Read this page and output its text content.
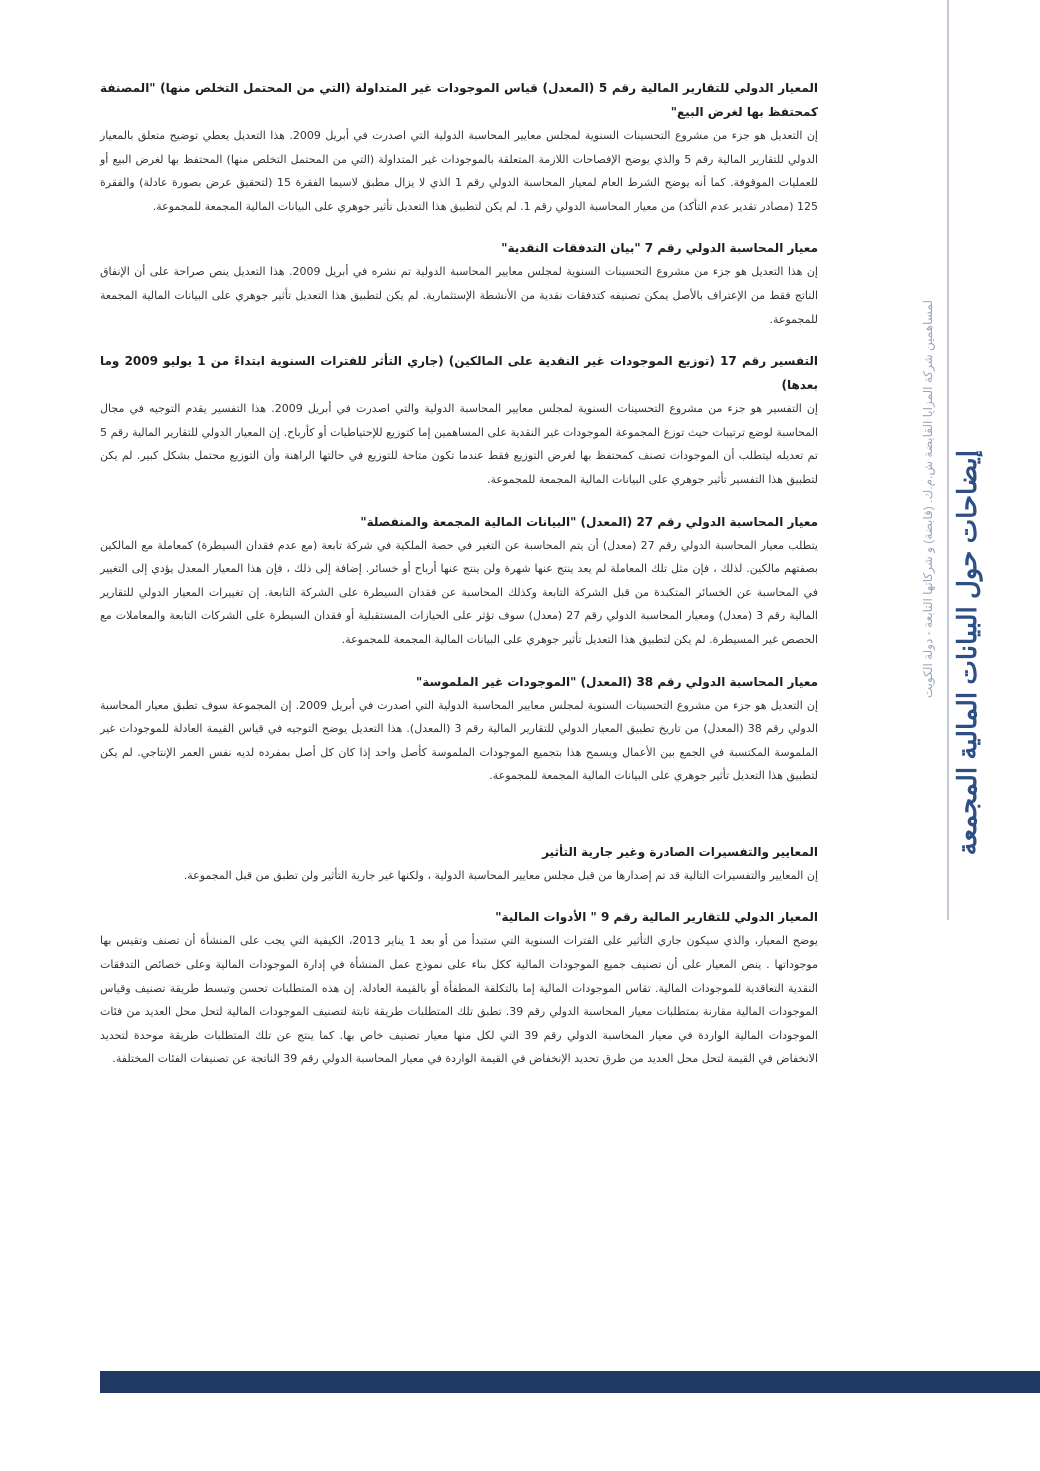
المعيار الدولي للتقارير المالية رقم 5 (المعدل) قياس الموجودات غير المتداولة (التي من المحتمل التخلص منها) "المصنفة كمحتفظ بها لغرض البيع"

إن التعديل هو جزء من مشروع التحسينات السنوية لمجلس معايير المحاسبة الدولية التي اصدرت في أبريل 2009. هذا التعديل يعطي توضيح متعلق بالمعيار الدولي للتقارير المالية رقم 5 والذي يوضح الإفصاحات اللازمة المتعلقة بالموجودات غير المتداولة (التي من المحتمل التخلص منها) المحتفظ بها لغرض البيع أو للعمليات الموقوفة. كما أنه يوضح الشرط العام لمعيار المحاسبة الدولي رقم 1 الذي لا يزال مطبق لاسيما الفقرة 15 (لتحقيق عرض بصورة عادلة) والفقرة 125 (مصادر تقدير عدم التأكد) من معيار المحاسبة الدولي رقم 1. لم يكن لتطبيق هذا التعديل تأثير جوهري على البيانات المالية المجمعة للمجموعة.

معيار المحاسبة الدولي رقم 7 "بيان التدفقات النقدية"

إن هذا التعديل هو جزء من مشروع التحسينات السنوية لمجلس معايير المحاسبة الدولية تم نشره في أبريل 2009. هذا التعديل ينص صراحة على أن الإنفاق الناتج فقط من الإعتراف بالأصل يمكن تصنيفه كتدفقات نقدية من الأنشطة الإستثمارية. لم يكن لتطبيق هذا التعديل تأثير جوهري على البيانات المالية المجمعة للمجموعة.

التفسير رقم 17 (توزيع الموجودات غير النقدية على المالكين) (جاري التأثر للفترات السنوية ابتداءً من 1 يوليو 2009 وما بعدها)

إن التفسير هو جزء من مشروع التحسينات السنوية لمجلس معايير المحاسبة الدولية والتي اصدرت في أبريل 2009. هذا التفسير يقدم التوجيه في مجال المحاسبة لوضع ترتيبات حيث توزع المجموعة الموجودات غير النقدية على المساهمين إما كتوزيع للإحتياطيات أو كأرباح. إن المعيار الدولي للتقارير المالية رقم 5 تم تعديله ليتطلب أن الموجودات تصنف كمحتفظ بها لغرض التوزيع فقط عندما تكون متاحة للتوزيع في حالتها الراهنة وأن التوزيع محتمل بشكل كبير. لم يكن لتطبيق هذا التفسير تأثير جوهري على البيانات المالية المجمعة للمجموعة.

معيار المحاسبة الدولي رقم 27 (المعدل) "البيانات المالية المجمعة والمنفصلة"

يتطلب معيار المحاسبة الدولي رقم 27 (معدل) أن يتم المحاسبة عن التغير في حصة الملكية في شركة تابعة (مع عدم فقدان السيطرة) كمعاملة مع المالكين بصفتهم مالكين. لذلك ، فإن مثل تلك المعاملة لم يعد ينتج عنها شهرة ولن ينتج عنها أرباح أو خسائر. إضافة إلى ذلك ، فإن هذا المعيار المعدل يؤدي إلى التغيير في المحاسبة عن الخسائر المتكبدة من قبل الشركة التابعة وكذلك المحاسبة عن فقدان السيطرة على الشركة التابعة. إن تغييرات المعيار الدولي للتقارير المالية رقم 3 (معدل) ومعيار المحاسبة الدولي رقم 27 (معدل) سوف تؤثر على الحيازات المستقبلية أو فقدان السيطرة على الشركات التابعة والمعاملات مع الحصص غير المسيطرة. لم يكن لتطبيق هذا التعديل تأثير جوهري على البيانات المالية المجمعة للمجموعة.

معيار المحاسبة الدولي رقم 38 (المعدل) "الموجودات غير الملموسة"

إن التعديل هو جزء من مشروع التحسينات السنوية لمجلس معايير المحاسبة الدولية التي اصدرت في أبريل 2009. إن المجموعة سوف تطبق معيار المحاسبة الدولي رقم 38 (المعدل) من تاريخ تطبيق المعيار الدولي للتقارير المالية رقم 3 (المعدل). هذا التعديل يوضح التوجيه في قياس القيمة العادلة للموجودات غير الملموسة المكتسبة في الجمع بين الأعمال ويسمح هذا بتجميع الموجودات الملموسة كأصل واحد إذا كان كل أصل بمفرده لديه نفس العمر الإنتاجي. لم يكن لتطبيق هذا التعديل تأثير جوهري على البيانات المالية المجمعة للمجموعة.

المعايير والتفسيرات الصادرة وغير جارية التأثير

إن المعايير والتفسيرات التالية قد تم إصدارها من قبل مجلس معايير المحاسبة الدولية ، ولكنها غير جارية التأثير ولن تطبق من قبل المجموعة.

المعيار الدولي للتقارير المالية رقم 9 " الأدوات المالية"

يوضح المعيار، والذي سيكون جاري التأثير على الفترات السنوية التي ستبدأ من أو بعد 1 يناير 2013، الكيفية التي يجب على المنشأة أن تصنف وتقيس بها موجوداتها . ينص المعيار على أن تصنيف جميع الموجودات المالية ككل بناء على نموذج عمل المنشأة في إدارة الموجودات المالية وعلى خصائص التدفقات النقدية التعاقدية للموجودات المالية. تقاس الموجودات المالية إما بالتكلفة المطفأة أو بالقيمة العادلة. إن هذه المتطلبات تحسن وتبسط طريقة تصنيف وقياس الموجودات المالية مقارنة بمتطلبات معيار المحاسبة الدولي رقم 39. تطبق تلك المتطلبات طريقة ثابتة لتصنيف الموجودات المالية لتحل محل العديد من فئات الموجودات المالية الواردة في معيار المحاسبة الدولي رقم 39 التي لكل منها معيار تصنيف خاص بها. كما ينتج عن تلك المتطلبات طريقة موحدة لتحديد الانخفاض في القيمة لتحل محل العديد من طرق تحديد الإنخفاض في القيمة الواردة في معيار المحاسبة الدولي رقم 39 الناتجة عن تصنيفات الفئات المختلفة.

إيضاحات حول البيانات المالية المجمعة
لمساهمين شركة المزايا القابضة ش.م.ك. (قابضة) و شركاتها التابعة - دولة الكويت
